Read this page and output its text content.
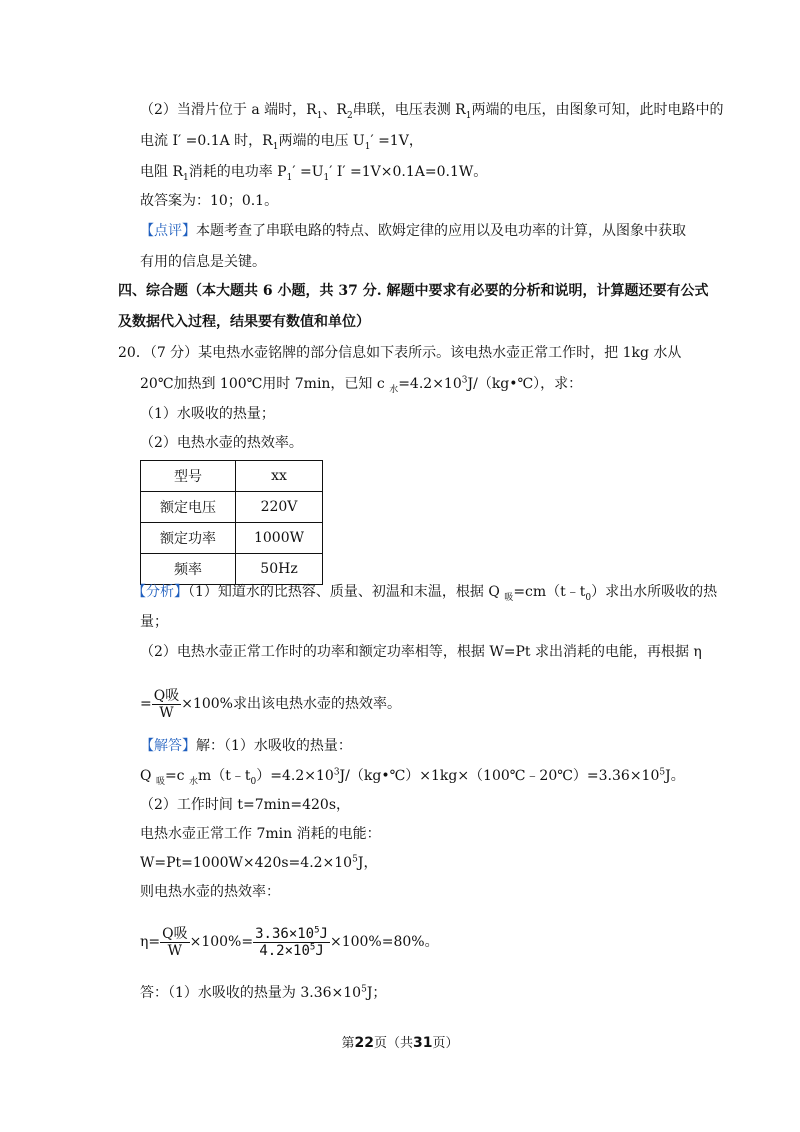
（2）当滑片位于 a 端时，$R_1$、$R_2$串联，电压表测 $R_1$两端的电压，由图象可知，此时电路中的
电流 I′ =0.1A 时，$R_1$两端的电压 $U_1' =1V$，
电阻 $R_1$消耗的电功率 $P_1' =U_1'$ I′ =1V×0.1A=0.1W。
故答案为：10；0.1。
【点评】本题考查了串联电路的特点、欧姆定律的应用以及电功率的计算，从图象中获取
有用的信息是关键。
四、综合题（本大题共 6 小题，共 37 分. 解题中要求有必要的分析和说明，计算题还要有公式
及数据代入过程，结果要有数值和单位）
20．（7 分）某电热水壶铭牌的部分信息如下表所示。该电热水壶正常工作时，把 1kg 水从
20℃加热到 100℃用时 7min，已知 c $_水=4.2\times 10^3J/(kg•℃)$，求：
（1）水吸收的热量；
（2）电热水壶的热效率。
型号	xx
额定电压	220V
额定功率	1000W
频率	50Hz
【分析】（1）知道水的比热容、质量、初温和末温，根据 Q $_吸=cm(t﹣t_0)$求出水所吸收的热
量；
（2）电热水壶正常工作时的功率和额定功率相等，根据 W=Pt 求出消耗的电能，再根据 η
= $\frac{\text{Q吸}}{W} \times 100\%$求出该电热水壶的热效率。
【解答】解：（1）水吸收的热量：
Q $_吸$=c $_水m(t﹣t_0)=4.2\times 10^3J/(kg•℃)\times 1kg\times(100℃﹣20℃)=3.36\times 10^5J$。
（2）工作时间 t=7min=420s，
电热水壶正常工作 7min 消耗的电能：
$W=Pt=1000W\times 420s=4.2\times 10^5J$，
则电热水壶的热效率：
$\eta= \frac{\text{Q吸}}{W} \times 100\%= \frac{3.36\times 10^5J}{4.2\times 10^5J} \times 100\%=80\%$。
答：（1）水吸收的热量为 $3.36\times 10^5J$；
第22页（共31页）
